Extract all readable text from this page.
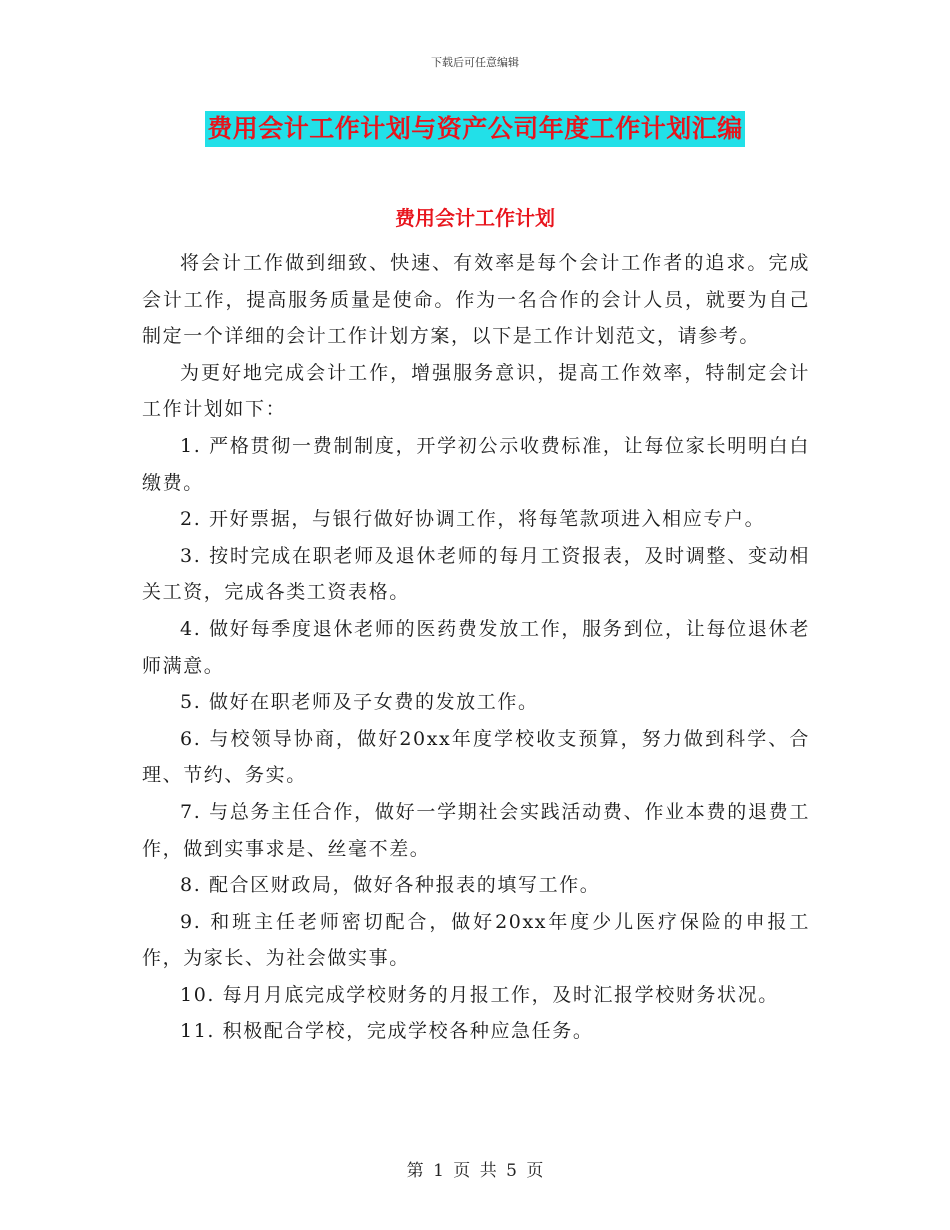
下载后可任意编辑
费用会计工作计划与资产公司年度工作计划汇编
费用会计工作计划

将会计工作做到细致、快速、有效率是每个会计工作者的追求。完成会计工作，提高服务质量是使命。作为一名合作的会计人员，就要为自己制定一个详细的会计工作计划方案，以下是工作计划范文，请参考。

为更好地完成会计工作，增强服务意识，提高工作效率，特制定会计工作计划如下：

1. 严格贯彻一费制制度，开学初公示收费标准，让每位家长明明白白缴费。

2. 开好票据，与银行做好协调工作，将每笔款项进入相应专户。

3. 按时完成在职老师及退休老师的每月工资报表，及时调整、变动相关工资，完成各类工资表格。

4. 做好每季度退休老师的医药费发放工作，服务到位，让每位退休老师满意。

5. 做好在职老师及子女费的发放工作。

6. 与校领导协商，做好20xx年度学校收支预算，努力做到科学、合理、节约、务实。

7. 与总务主任合作，做好一学期社会实践活动费、作业本费的退费工作，做到实事求是、丝毫不差。

8. 配合区财政局，做好各种报表的填写工作。

9. 和班主任老师密切配合，做好20xx年度少儿医疗保险的申报工作，为家长、为社会做实事。

10. 每月月底完成学校财务的月报工作，及时汇报学校财务状况。

11. 积极配合学校，完成学校各种应急任务。

第 1 页 共 5 页
